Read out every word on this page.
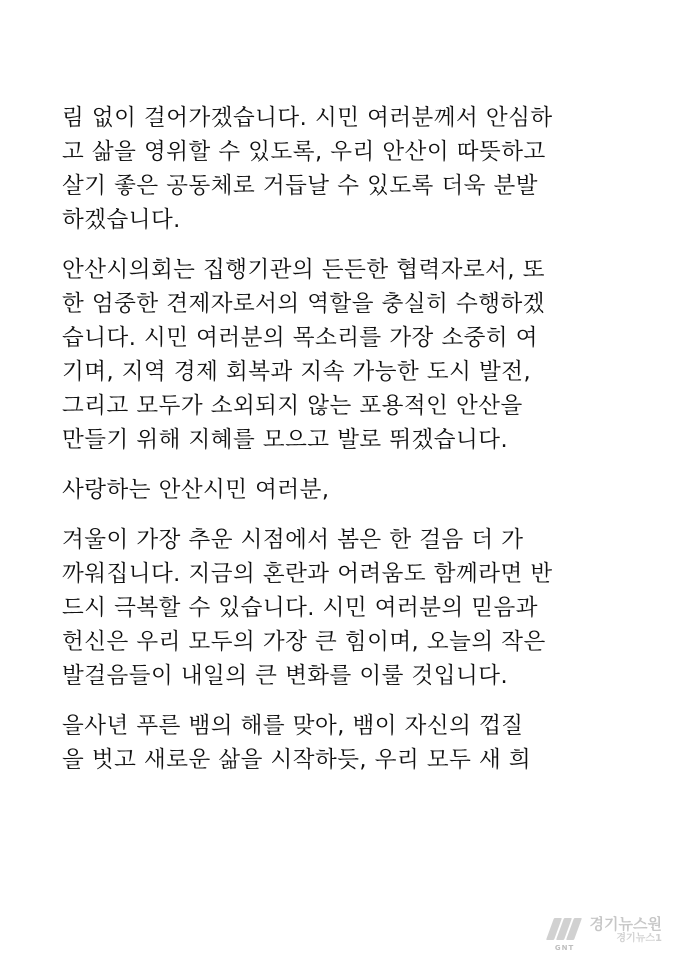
림 없이 걸어가겠습니다. 시민 여러분께서 안심하
고 삶을 영위할 수 있도록, 우리 안산이 따뜻하고
살기 좋은 공동체로 거듭날 수 있도록 더욱 분발
하겠습니다.
안산시의회는 집행기관의 든든한 협력자로서, 또
한 엄중한 견제자로서의 역할을 충실히 수행하겠
습니다. 시민 여러분의 목소리를 가장 소중히 여
기며, 지역 경제 회복과 지속 가능한 도시 발전,
그리고 모두가 소외되지 않는 포용적인 안산을
만들기 위해 지혜를 모으고 발로 뛰겠습니다.
사랑하는 안산시민 여러분,
겨울이 가장 추운 시점에서 봄은 한 걸음 더 가
까워집니다. 지금의 혼란과 어려움도 함께라면 반
드시 극복할 수 있습니다. 시민 여러분의 믿음과
헌신은 우리 모두의 가장 큰 힘이며, 오늘의 작은
발걸음들이 내일의 큰 변화를 이룰 것입니다.
을사년 푸른 뱀의 해를 맞아, 뱀이 자신의 껍질
을 벗고 새로운 삶을 시작하듯, 우리 모두 새 희
GNT
경기뉴스원
경기뉴스1
